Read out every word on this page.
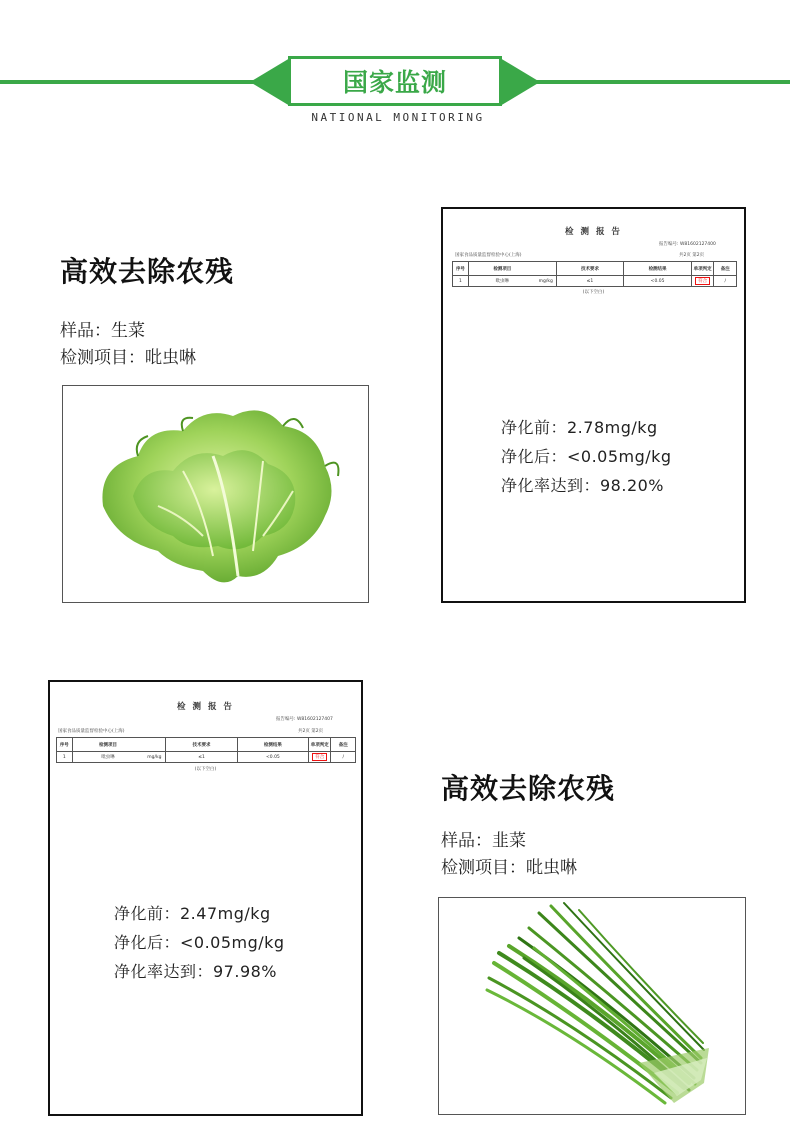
国家监测
NATIONAL MONITORING
高效去除农残
样品：生菜
检测项目：吡虫啉
检 测 报 告
报告编号: W81602127400
国家食品质量监督检验中心(上海)	共2页 第2页
序号	检测项目		技术要求	检测结果	单项判定	备注
1	吡虫啉	mg/kg	≤1	<0.05	符合	/
(以下空白)
净化前：2.78mg/kg
净化后：<0.05mg/kg
净化率达到：98.20%
检 测 报 告
报告编号: W81602127407
国家食品质量监督检验中心(上海)	共2页 第2页
序号	检测项目		技术要求	检测结果	单项判定	备注
1	吡虫啉	mg/kg	≤1	<0.05	符合	/
(以下空白)
净化前：2.47mg/kg
净化后：<0.05mg/kg
净化率达到：97.98%
高效去除农残
样品：韭菜
检测项目：吡虫啉
